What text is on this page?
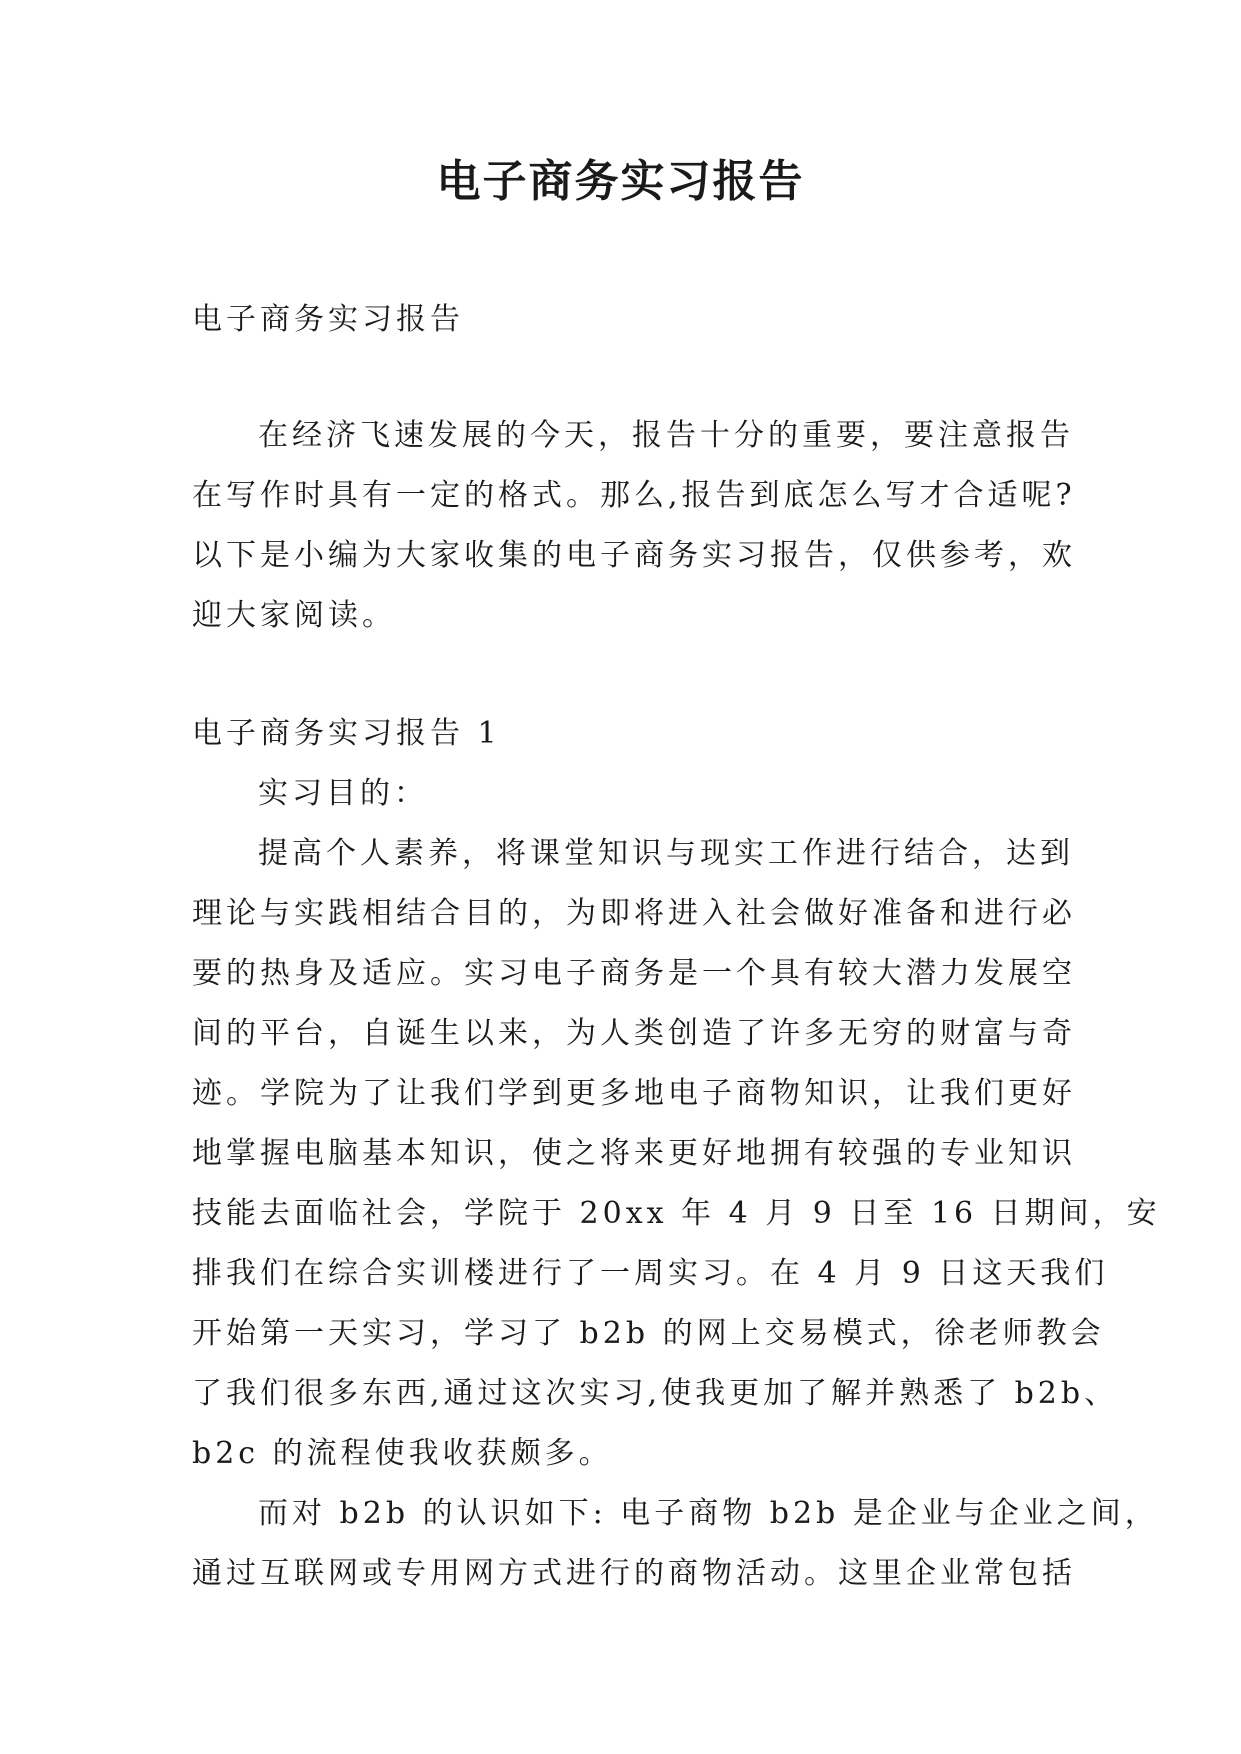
电子商务实习报告
电子商务实习报告
在经济飞速发展的今天，报告十分的重要，要注意报告
在写作时具有一定的格式。那么,报告到底怎么写才合适呢?
以下是小编为大家收集的电子商务实习报告，仅供参考，欢
迎大家阅读。
电子商务实习报告 1
实习目的：
提高个人素养，将课堂知识与现实工作进行结合，达到
理论与实践相结合目的，为即将进入社会做好准备和进行必
要的热身及适应。实习电子商务是一个具有较大潜力发展空
间的平台，自诞生以来，为人类创造了许多无穷的财富与奇
迹。学院为了让我们学到更多地电子商物知识，让我们更好
地掌握电脑基本知识，使之将来更好地拥有较强的专业知识
技能去面临社会，学院于 20xx 年 4 月 9 日至 16 日期间，安
排我们在综合实训楼进行了一周实习。在 4 月 9 日这天我们
开始第一天实习，学习了 b2b 的网上交易模式，徐老师教会
了我们很多东西,通过这次实习,使我更加了解并熟悉了 b2b、
b2c 的流程使我收获颇多。
而对 b2b 的认识如下: 电子商物 b2b 是企业与企业之间，
通过互联网或专用网方式进行的商物活动。这里企业常包括
